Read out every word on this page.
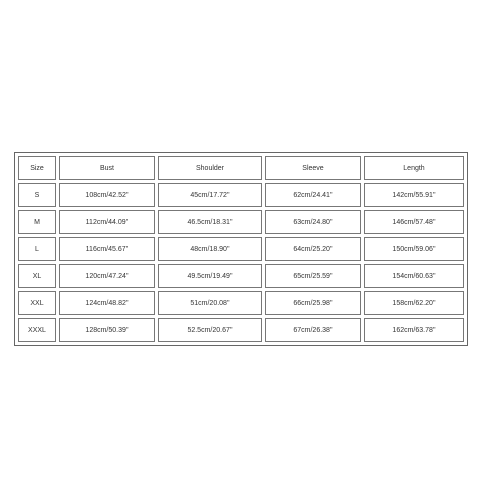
Size	Bust	Shoulder	Sleeve	Length
S	108cm/42.52''	45cm/17.72''	62cm/24.41''	142cm/55.91''
M	112cm/44.09''	46.5cm/18.31''	63cm/24.80''	146cm/57.48''
L	116cm/45.67''	48cm/18.90''	64cm/25.20''	150cm/59.06''
XL	120cm/47.24''	49.5cm/19.49''	65cm/25.59''	154cm/60.63''
XXL	124cm/48.82''	51cm/20.08''	66cm/25.98''	158cm/62.20''
XXXL	128cm/50.39''	52.5cm/20.67''	67cm/26.38''	162cm/63.78''
